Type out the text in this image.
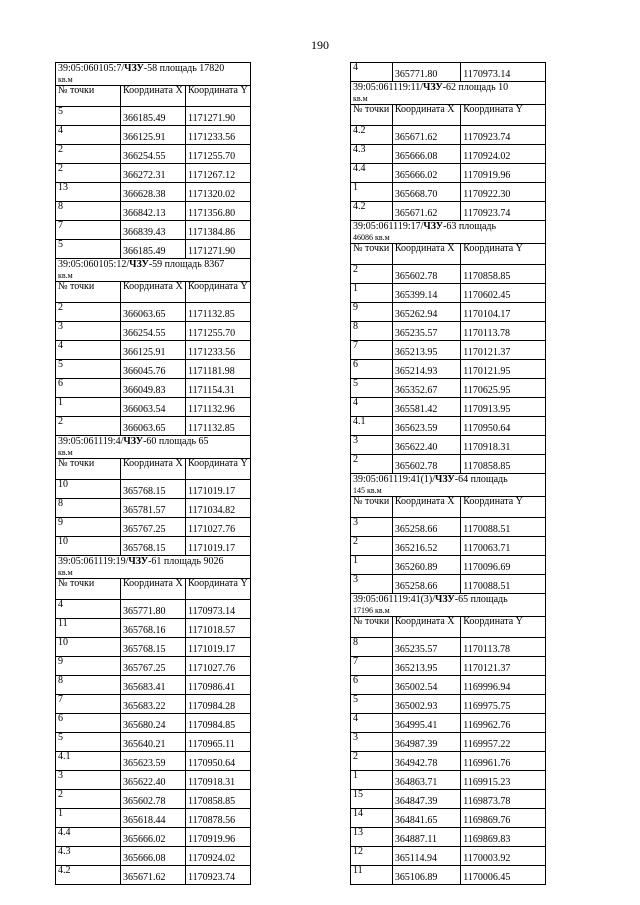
190
39:05:060105:7/ЧЗУ-58 площадь 17820
кв.м		
№ точки	Координата X	Координата Y
5	366185.49	1171271.90
4	366125.91	1171233.56
2	366254.55	1171255.70
2	366272.31	1171267.12
13	366628.38	1171320.02
8	366842.13	1171356.80
7	366839.43	1171384.86
5	366185.49	1171271.90
39:05:060105:12/ЧЗУ-59 площадь 8367
кв.м		
№ точки	Координата X	Координата Y
2	366063.65	1171132.85
3	366254.55	1171255.70
4	366125.91	1171233.56
5	366045.76	1171181.98
6	366049.83	1171154.31
1	366063.54	1171132.96
2	366063.65	1171132.85
39:05:061119:4/ЧЗУ-60 площадь 65
кв.м		
№ точки	Координата X	Координата Y
10	365768.15	1171019.17
8	365781.57	1171034.82
9	365767.25	1171027.76
10	365768.15	1171019.17
39:05:061119:19/ЧЗУ-61 площадь 9026
кв.м		
№ точки	Координата X	Координата Y
4	365771.80	1170973.14
11	365768.16	1171018.57
10	365768.15	1171019.17
9	365767.25	1171027.76
8	365683.41	1170986.41
7	365683.22	1170984.28
6	365680.24	1170984.85
5	365640.21	1170965.11
4.1	365623.59	1170950.64
3	365622.40	1170918.31
2	365602.78	1170858.85
1	365618.44	1170878.56
4.4	365666.02	1170919.96
4.3	365666.08	1170924.02
4.2	365671.62	1170923.74
4	365771.80	1170973.14
39:05:061119:11/ЧЗУ-62 площадь 10
кв.м		
№ точки	Координата X	Координата Y
4.2	365671.62	1170923.74
4.3	365666.08	1170924.02
4.4	365666.02	1170919.96
1	365668.70	1170922.30
4.2	365671.62	1170923.74
39:05:061119:17/ЧЗУ-63 площадь
46086 кв.м		
№ точки	Координата X	Координата Y
2	365602.78	1170858.85
1	365399.14	1170602.45
9	365262.94	1170104.17
8	365235.57	1170113.78
7	365213.95	1170121.37
6	365214.93	1170121.95
5	365352.67	1170625.95
4	365581.42	1170913.95
4.1	365623.59	1170950.64
3	365622.40	1170918.31
2	365602.78	1170858.85
39:05:061119:41(1)/ЧЗУ-64 площадь
145 кв.м		
№ точки	Координата X	Координата Y
3	365258.66	1170088.51
2	365216.52	1170063.71
1	365260.89	1170096.69
3	365258.66	1170088.51
39:05:061119:41(3)/ЧЗУ-65 площадь
17196 кв.м		
№ точки	Координата X	Координата Y
8	365235.57	1170113.78
7	365213.95	1170121.37
6	365002.54	1169996.94
5	365002.93	1169975.75
4	364995.41	1169962.76
3	364987.39	1169957.22
2	364942.78	1169961.76
1	364863.71	1169915.23
15	364847.39	1169873.78
14	364841.65	1169869.76
13	364887.11	1169869.83
12	365114.94	1170003.92
11	365106.89	1170006.45
